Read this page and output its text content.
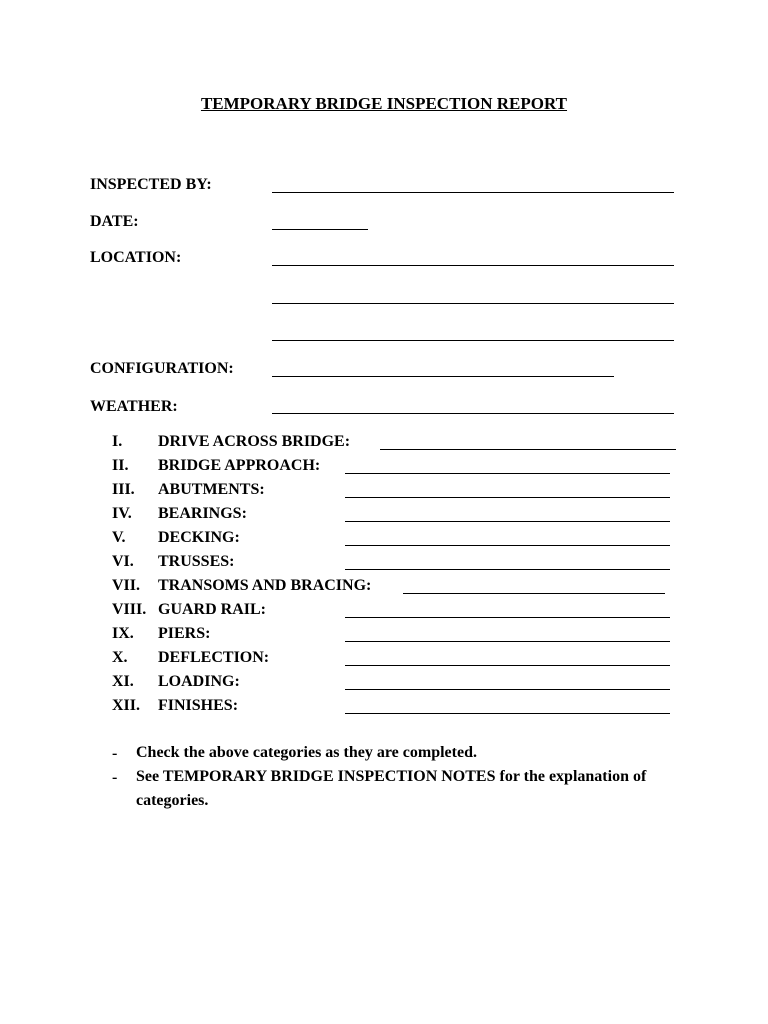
TEMPORARY BRIDGE INSPECTION REPORT
INSPECTED BY:
DATE:
LOCATION:
CONFIGURATION:
WEATHER:
I. DRIVE ACROSS BRIDGE:
II. BRIDGE APPROACH:
III. ABUTMENTS:
IV. BEARINGS:
V. DECKING:
VI. TRUSSES:
VII. TRANSOMS AND BRACING:
VIII. GUARD RAIL:
IX. PIERS:
X. DEFLECTION:
XI. LOADING:
XII. FINISHES:
- Check the above categories as they are completed.
- See TEMPORARY BRIDGE INSPECTION NOTES for the explanation of categories.
